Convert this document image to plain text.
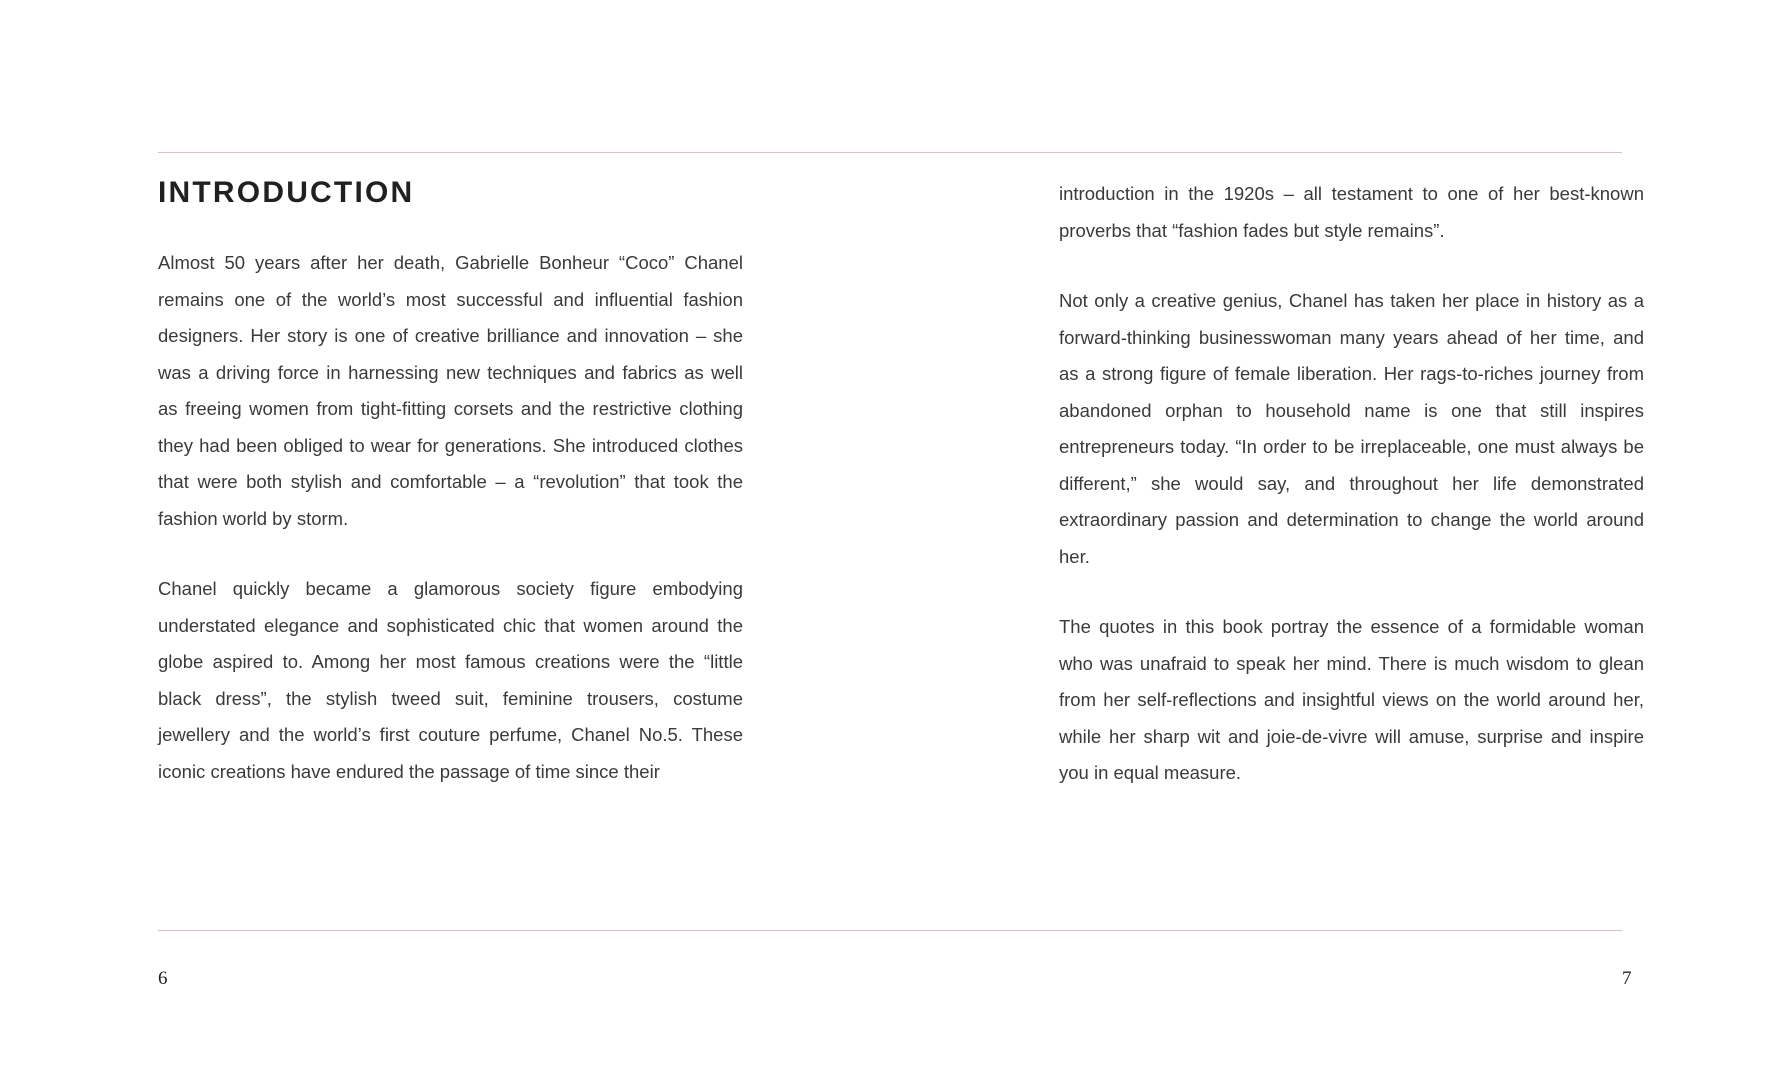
INTRODUCTION

Almost 50 years after her death, Gabrielle Bonheur “Coco” Chanel remains one of the world’s most successful and influential fashion designers. Her story is one of creative brilliance and innovation – she was a driving force in harnessing new techniques and fabrics as well as freeing women from tight-fitting corsets and the restrictive clothing they had been obliged to wear for generations. She introduced clothes that were both stylish and comfortable – a “revolution” that took the fashion world by storm.

Chanel quickly became a glamorous society figure embodying understated elegance and sophisticated chic that women around the globe aspired to. Among her most famous creations were the “little black dress”, the stylish tweed suit, feminine trousers, costume jewellery and the world’s first couture perfume, Chanel No.5. These iconic creations have endured the passage of time since their

introduction in the 1920s – all testament to one of her best-known proverbs that “fashion fades but style remains”.

Not only a creative genius, Chanel has taken her place in history as a forward-thinking businesswoman many years ahead of her time, and as a strong figure of female liberation. Her rags-to-riches journey from abandoned orphan to household name is one that still inspires entrepreneurs today. “In order to be irreplaceable, one must always be different,” she would say, and throughout her life demonstrated extraordinary passion and determination to change the world around her.

The quotes in this book portray the essence of a formidable woman who was unafraid to speak her mind. There is much wisdom to glean from her self-reflections and insightful views on the world around her, while her sharp wit and joie-de-vivre will amuse, surprise and inspire you in equal measure.

6	7
